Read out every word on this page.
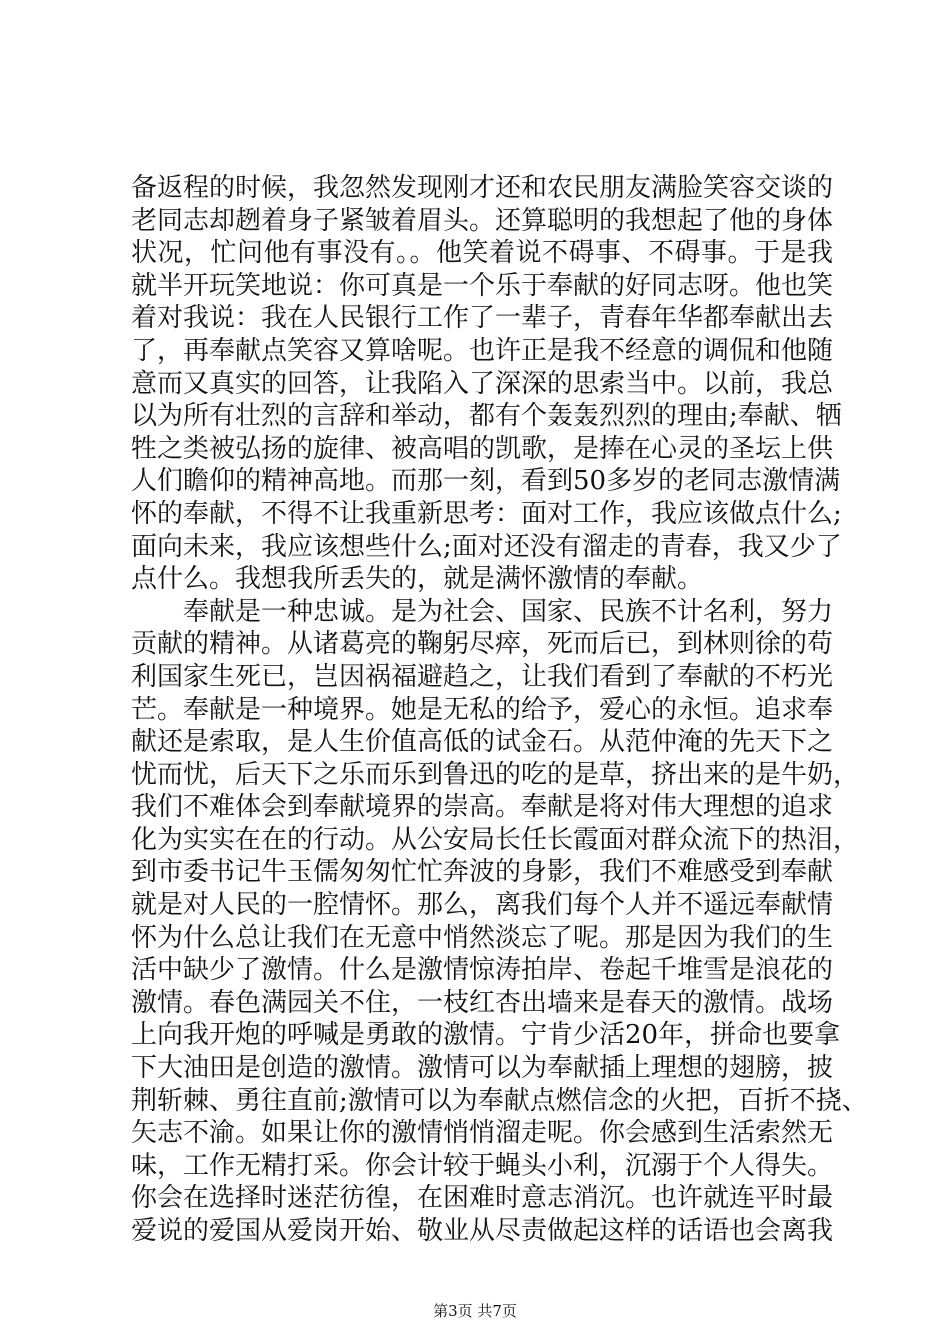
备返程的时候，我忽然发现刚才还和农民朋友满脸笑容交谈的
老同志却趔着身子紧皱着眉头。还算聪明的我想起了他的身体
状况，忙问他有事没有。。他笑着说不碍事、不碍事。于是我
就半开玩笑地说：你可真是一个乐于奉献的好同志呀。他也笑
着对我说：我在人民银行工作了一辈子，青春年华都奉献出去
了，再奉献点笑容又算啥呢。也许正是我不经意的调侃和他随
意而又真实的回答，让我陷入了深深的思索当中。以前，我总
以为所有壮烈的言辞和举动，都有个轰轰烈烈的理由;奉献、牺
牲之类被弘扬的旋律、被高唱的凯歌，是捧在心灵的圣坛上供
人们瞻仰的精神高地。而那一刻，看到50多岁的老同志激情满
怀的奉献，不得不让我重新思考：面对工作，我应该做点什么;
面向未来，我应该想些什么;面对还没有溜走的青春，我又少了
点什么。我想我所丢失的，就是满怀激情的奉献。
奉献是一种忠诚。是为社会、国家、民族不计名利，努力
贡献的精神。从诸葛亮的鞠躬尽瘁，死而后已，到林则徐的苟
利国家生死已，岂因祸福避趋之，让我们看到了奉献的不朽光
芒。奉献是一种境界。她是无私的给予，爱心的永恒。追求奉
献还是索取，是人生价值高低的试金石。从范仲淹的先天下之
忧而忧，后天下之乐而乐到鲁迅的吃的是草，挤出来的是牛奶，
我们不难体会到奉献境界的崇高。奉献是将对伟大理想的追求
化为实实在在的行动。从公安局长任长霞面对群众流下的热泪，
到市委书记牛玉儒匆匆忙忙奔波的身影，我们不难感受到奉献
就是对人民的一腔情怀。那么，离我们每个人并不遥远奉献情
怀为什么总让我们在无意中悄然淡忘了呢。那是因为我们的生
活中缺少了激情。什么是激情惊涛拍岸、卷起千堆雪是浪花的
激情。春色满园关不住，一枝红杏出墙来是春天的激情。战场
上向我开炮的呼喊是勇敢的激情。宁肯少活20年，拼命也要拿
下大油田是创造的激情。激情可以为奉献插上理想的翅膀，披
荆斩棘、勇往直前;激情可以为奉献点燃信念的火把，百折不挠、
矢志不渝。如果让你的激情悄悄溜走呢。你会感到生活索然无
味，工作无精打采。你会计较于蝇头小利，沉溺于个人得失。
你会在选择时迷茫彷徨，在困难时意志消沉。也许就连平时最
爱说的爱国从爱岗开始、敬业从尽责做起这样的话语也会离我
第3页 共7页
